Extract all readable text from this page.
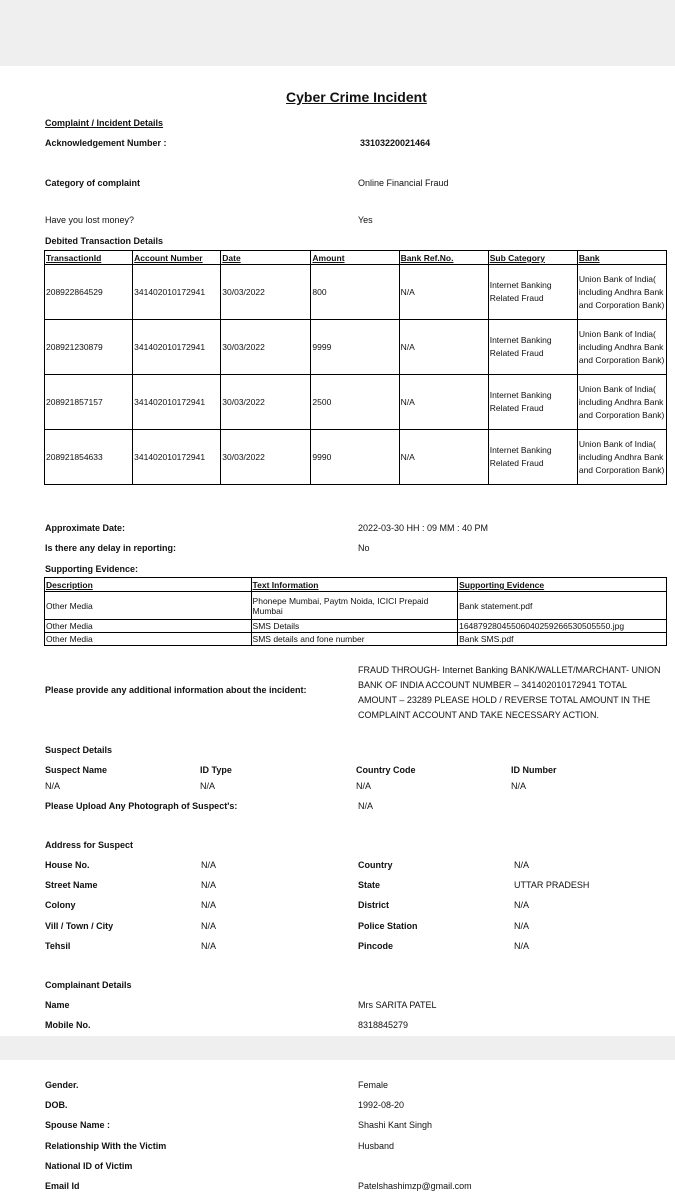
Cyber Crime Incident
Complaint / Incident Details
Acknowledgement Number :	33103220021464
Category of complaint	Online Financial Fraud
Have you lost money?	Yes
Debited Transaction Details
TransactionId	Account Number	Date	Amount	Bank Ref.No.	Sub Category	Bank
208922864529	341402010172941	30/03/2022	800	N/A	Internet Banking Related Fraud	Union Bank of India( including Andhra Bank and Corporation Bank)
208921230879	341402010172941	30/03/2022	9999	N/A	Internet Banking Related Fraud	Union Bank of India( including Andhra Bank and Corporation Bank)
208921857157	341402010172941	30/03/2022	2500	N/A	Internet Banking Related Fraud	Union Bank of India( including Andhra Bank and Corporation Bank)
208921854633	341402010172941	30/03/2022	9990	N/A	Internet Banking Related Fraud	Union Bank of India( including Andhra Bank and Corporation Bank)
Approximate Date:	2022-03-30 HH : 09 MM : 40 PM
Is there any delay in reporting:	No
Supporting Evidence:
Description	Text Information	Supporting Evidence
Other Media	Phonepe Mumbai, Paytm Noida, ICICI Prepaid Mumbai	Bank statement.pdf
Other Media	SMS Details	16487928045506040259266530505550.jpg
Other Media	SMS details and fone number	Bank SMS.pdf
Please provide any additional information about the incident:
FRAUD THROUGH- Internet Banking BANK/WALLET/MARCHANT- UNION BANK OF INDIA ACCOUNT NUMBER – 341402010172941 TOTAL AMOUNT – 23289 PLEASE HOLD / REVERSE TOTAL AMOUNT IN THE COMPLAINT ACCOUNT AND TAKE NECESSARY ACTION.
Suspect Details
Suspect Name	ID Type	Country Code	ID Number
N/A	N/A	N/A	N/A
Please Upload Any Photograph of Suspect's:	N/A
Address for Suspect
House No.	N/A	Country	N/A
Street Name	N/A	State	UTTAR PRADESH
Colony	N/A	District	N/A
Vill / Town / City	N/A	Police Station	N/A
Tehsil	N/A	Pincode	N/A
Complainant Details
Name	Mrs SARITA PATEL
Mobile No.	8318845279
Gender.	Female
DOB.	1992-08-20
Spouse Name :	Shashi Kant Singh
Relationship With the Victim	Husband
National ID of Victim
Email Id	Patelshashimzp@gmail.com
